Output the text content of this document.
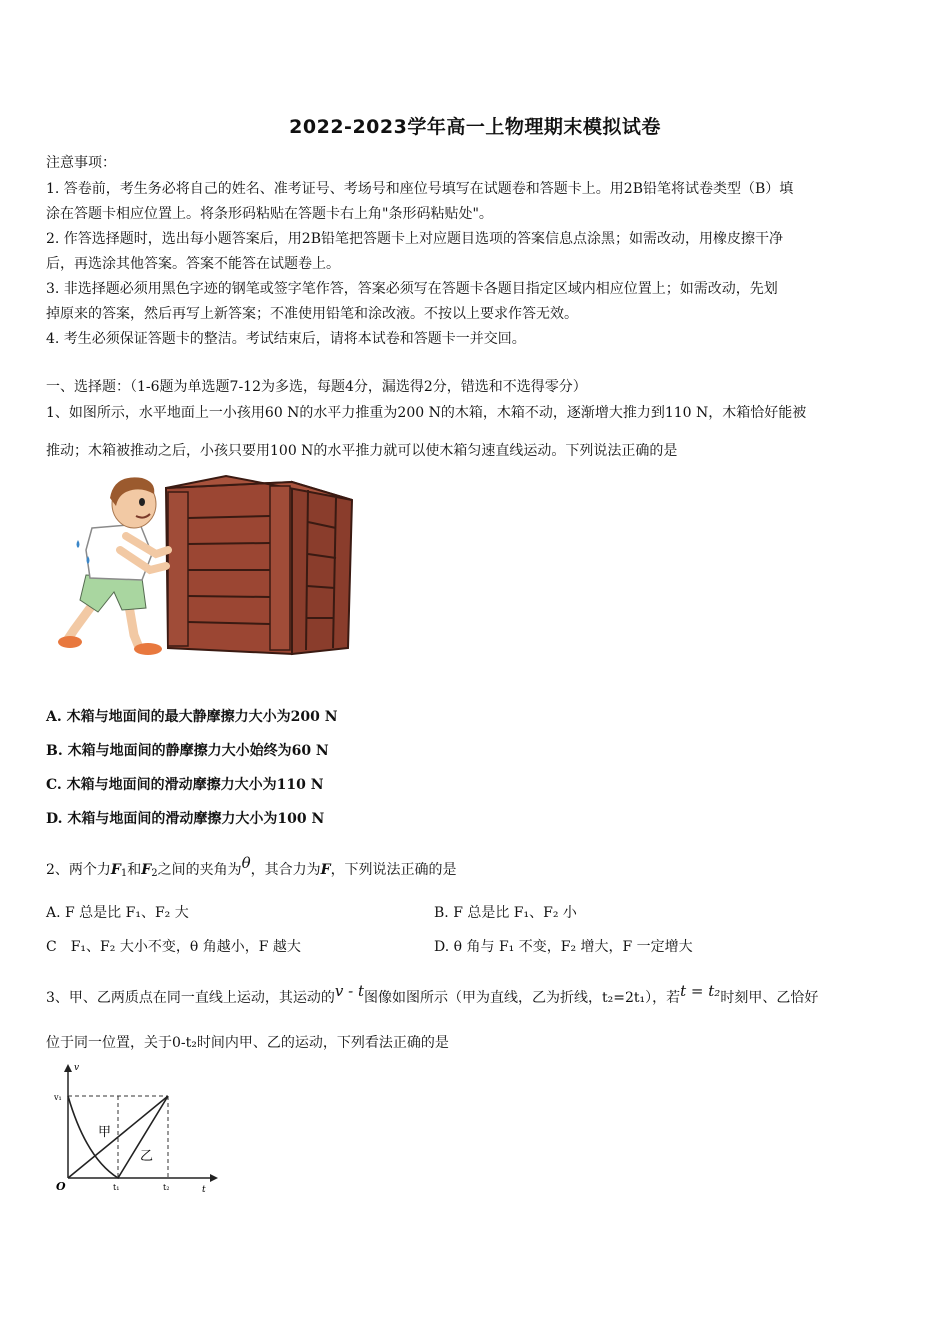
2022-2023学年高一上物理期末模拟试卷
注意事项：
1. 答卷前，考生务必将自己的姓名、准考证号、考场号和座位号填写在试题卷和答题卡上。用2B铅笔将试卷类型（B）填
涂在答题卡相应位置上。将条形码粘贴在答题卡右上角"条形码粘贴处"。
2. 作答选择题时，选出每小题答案后，用2B铅笔把答题卡上对应题目选项的答案信息点涂黑；如需改动，用橡皮擦干净
后，再选涂其他答案。答案不能答在试题卷上。
3. 非选择题必须用黑色字迹的钢笔或签字笔作答，答案必须写在答题卡各题目指定区域内相应位置上；如需改动，先划
掉原来的答案，然后再写上新答案；不准使用铅笔和涂改液。不按以上要求作答无效。
4. 考生必须保证答题卡的整洁。考试结束后，请将本试卷和答题卡一并交回。
一、选择题：（1-6题为单选题7-12为多选，每题4分，漏选得2分，错选和不选得零分）
1、如图所示，水平地面上一小孩用60 N的水平力推重为200 N的木箱，木箱不动，逐渐增大推力到110 N，木箱恰好能被
推动；木箱被推动之后，小孩只要用100 N的水平推力就可以使木箱匀速直线运动。下列说法正确的是
A. 木箱与地面间的最大静摩擦力大小为200 N
B. 木箱与地面间的静摩擦力大小始终为60 N
C. 木箱与地面间的滑动摩擦力大小为110 N
D. 木箱与地面间的滑动摩擦力大小为100 N
2、两个力$F_1$和$F_2$之间的夹角为θ，其合力为F，下列说法正确的是
A. F 总是比 F₁、F₂ 大	B. F 总是比 F₁、F₂ 小
C　F₁、F₂ 大小不变，θ 角越小，F 越大	D. θ 角与 F₁ 不变，F₂ 增大，F 一定增大
3、甲、乙两质点在同一直线上运动，其运动的v - t图像如图所示（甲为直线，乙为折线，t₂=2t₁），若t = t₂时刻甲、乙恰好
位于同一位置，关于0-t₂时间内甲、乙的运动，下列看法正确的是
v
t
O
v₁
t₁	t₂
甲
乙
